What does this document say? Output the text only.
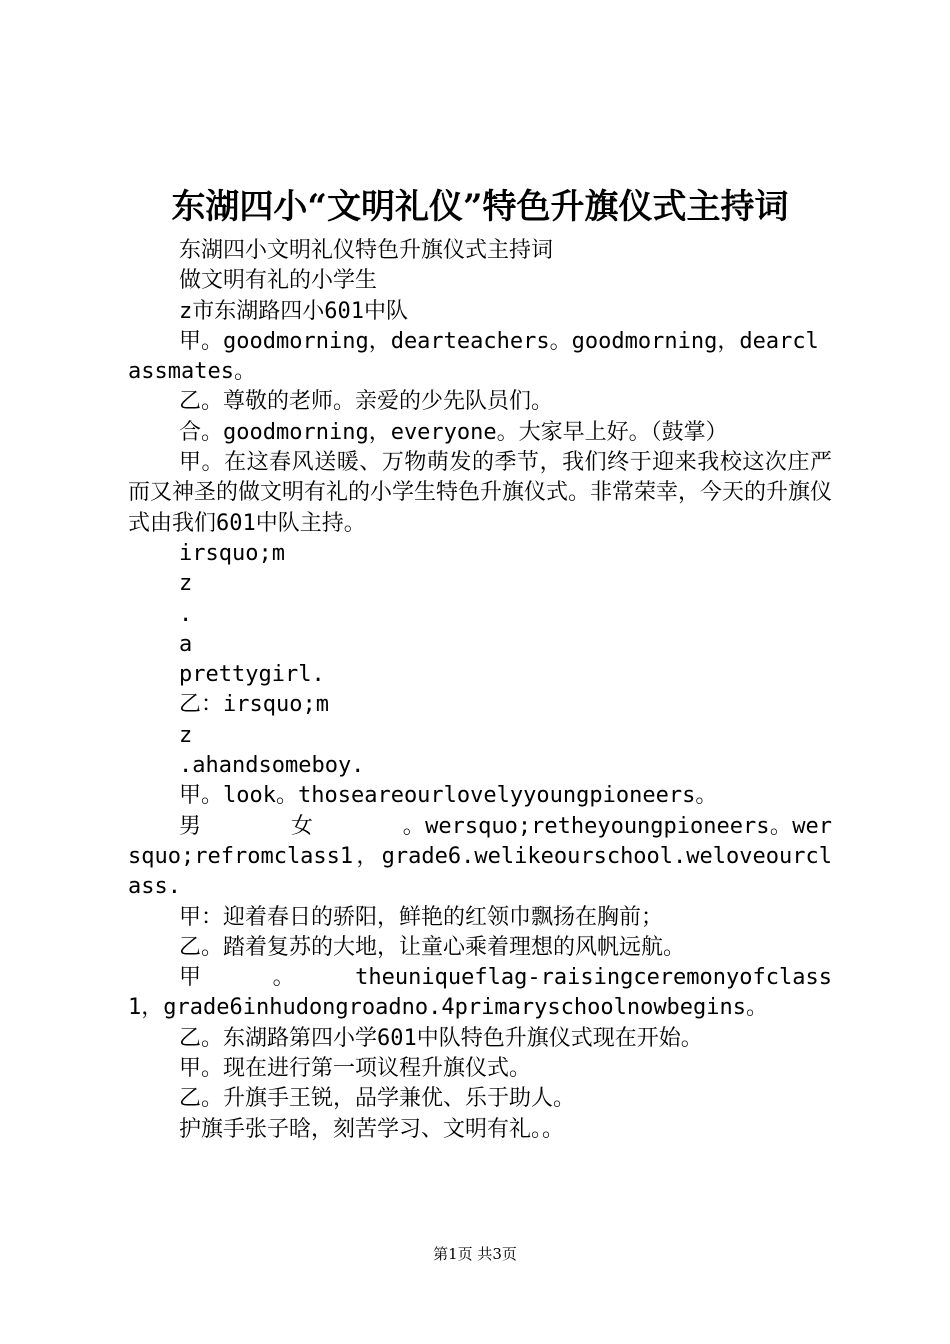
东湖四小“文明礼仪”特色升旗仪式主持词

东湖四小文明礼仪特色升旗仪式主持词

做文明有礼的小学生

z市东湖路四小601中队

甲。goodmorning，dearteachers。goodmorning，dearclassmates。

乙。尊敬的老师。亲爱的少先队员们。

合。goodmorning，everyone。大家早上好。（鼓掌）

甲。在这春风送暖、万物萌发的季节，我们终于迎来我校这次庄严而又神圣的做文明有礼的小学生特色升旗仪式。非常荣幸，今天的升旗仪式由我们601中队主持。

irsquo;m

z

.

a

prettygirl.

乙：irsquo;m

z

.ahandsomeboy.

甲。look。thoseareourlovelyyoungpioneers。

男　　　　女　　　　。wersquo;retheyoungpioneers。wersquo;refromclass1，grade6.welikeourschool.weloveourclass.

甲：迎着春日的骄阳，鲜艳的红领巾飘扬在胸前；

乙。踏着复苏的大地，让童心乘着理想的风帆远航。

甲　　　。　　　theuniqueflag-raisingceremonyofclass1，grade6inhudongroadno.4primaryschoolnowbegins。

乙。东湖路第四小学601中队特色升旗仪式现在开始。

甲。现在进行第一项议程升旗仪式。

乙。升旗手王锐，品学兼优、乐于助人。

护旗手张子晗，刻苦学习、文明有礼。。

第1页 共3页
